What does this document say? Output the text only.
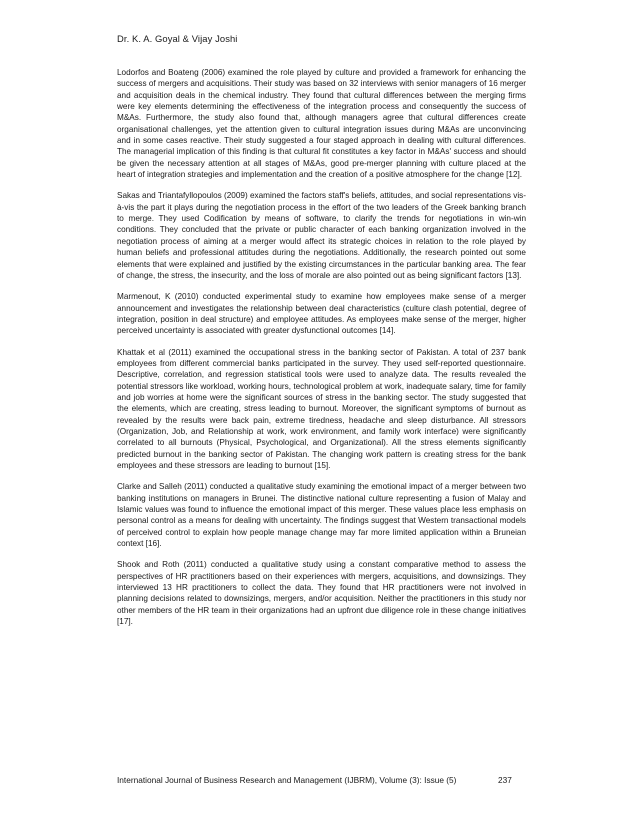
Dr. K. A. Goyal & Vijay Joshi

Lodorfos and Boateng (2006) examined the role played by culture and provided a framework for enhancing the success of mergers and acquisitions. Their study was based on 32 interviews with senior managers of 16 merger and acquisition deals in the chemical industry. They found that cultural differences between the merging firms were key elements determining the effectiveness of the integration process and consequently the success of M&As. Furthermore, the study also found that, although managers agree that cultural differences create organisational challenges, yet the attention given to cultural integration issues during M&As are unconvincing and in some cases reactive. Their study suggested a four staged approach in dealing with cultural differences. The managerial implication of this finding is that cultural fit constitutes a key factor in M&As' success and should be given the necessary attention at all stages of M&As, good pre-merger planning with culture placed at the heart of integration strategies and implementation and the creation of a positive atmosphere for the change [12].

Sakas and Triantafyllopoulos (2009) examined the factors staff's beliefs, attitudes, and social representations vis-à-vis the part it plays during the negotiation process in the effort of the two leaders of the Greek banking branch to merge. They used Codification by means of software, to clarify the trends for negotiations in win-win conditions. They concluded that the private or public character of each banking organization involved in the negotiation process of aiming at a merger would affect its strategic choices in relation to the role played by human beliefs and professional attitudes during the negotiations. Additionally, the research pointed out some elements that were explained and justified by the existing circumstances in the particular banking area. The fear of change, the stress, the insecurity, and the loss of morale are also pointed out as being significant factors [13].

Marmenout, K (2010) conducted experimental study to examine how employees make sense of a merger announcement and investigates the relationship between deal characteristics (culture clash potential, degree of integration, position in deal structure) and employee attitudes. As employees make sense of the merger, higher perceived uncertainty is associated with greater dysfunctional outcomes [14].

Khattak et al (2011) examined the occupational stress in the banking sector of Pakistan. A total of 237 bank employees from different commercial banks participated in the survey. They used self-reported questionnaire. Descriptive, correlation, and regression statistical tools were used to analyze data. The results revealed the potential stressors like workload, working hours, technological problem at work, inadequate salary, time for family and job worries at home were the significant sources of stress in the banking sector. The study suggested that the elements, which are creating, stress leading to burnout. Moreover, the significant symptoms of burnout as revealed by the results were back pain, extreme tiredness, headache and sleep disturbance. All stressors (Organization, Job, and Relationship at work, work environment, and family work interface) were significantly correlated to all burnouts (Physical, Psychological, and Organizational). All the stress elements significantly predicted burnout in the banking sector of Pakistan. The changing work pattern is creating stress for the bank employees and these stressors are leading to burnout [15].

Clarke and Salleh (2011) conducted a qualitative study examining the emotional impact of a merger between two banking institutions on managers in Brunei. The distinctive national culture representing a fusion of Malay and Islamic values was found to influence the emotional impact of this merger. These values place less emphasis on personal control as a means for dealing with uncertainty. The findings suggest that Western transactional models of perceived control to explain how people manage change may far more limited application within a Bruneian context [16].

Shook and Roth (2011) conducted a qualitative study using a constant comparative method to assess the perspectives of HR practitioners based on their experiences with mergers, acquisitions, and downsizings. They interviewed 13 HR practitioners to collect the data. They found that HR practitioners were not involved in planning decisions related to downsizings, mergers, and/or acquisition. Neither the practitioners in this study nor other members of the HR team in their organizations had an upfront due diligence role in these change initiatives [17].

International Journal of Business Research and Management (IJBRM), Volume (3): Issue (5)	237
